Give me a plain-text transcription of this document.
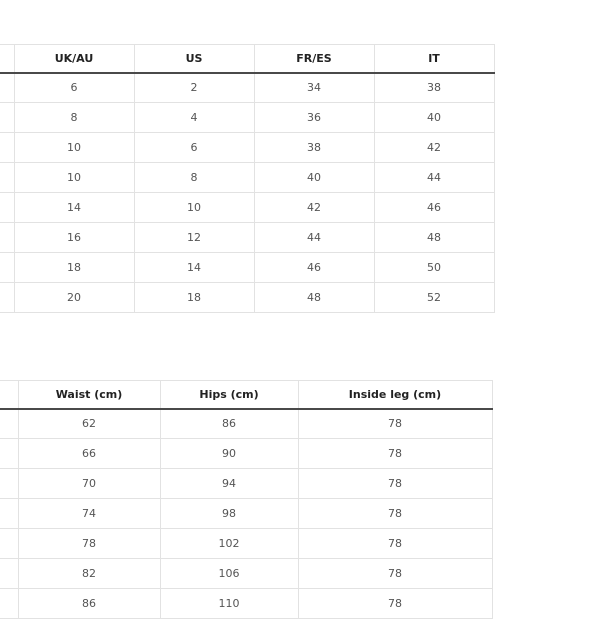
	UK/AU	US	FR/ES	IT
	6	2	34	38
	8	4	36	40
	10	6	38	42
	10	8	40	44
	14	10	42	46
	16	12	44	48
	18	14	46	50
	20	18	48	52
	Waist (cm)	Hips (cm)	Inside leg (cm)
	62	86	78
	66	90	78
	70	94	78
	74	98	78
	78	102	78
	82	106	78
	86	110	78
